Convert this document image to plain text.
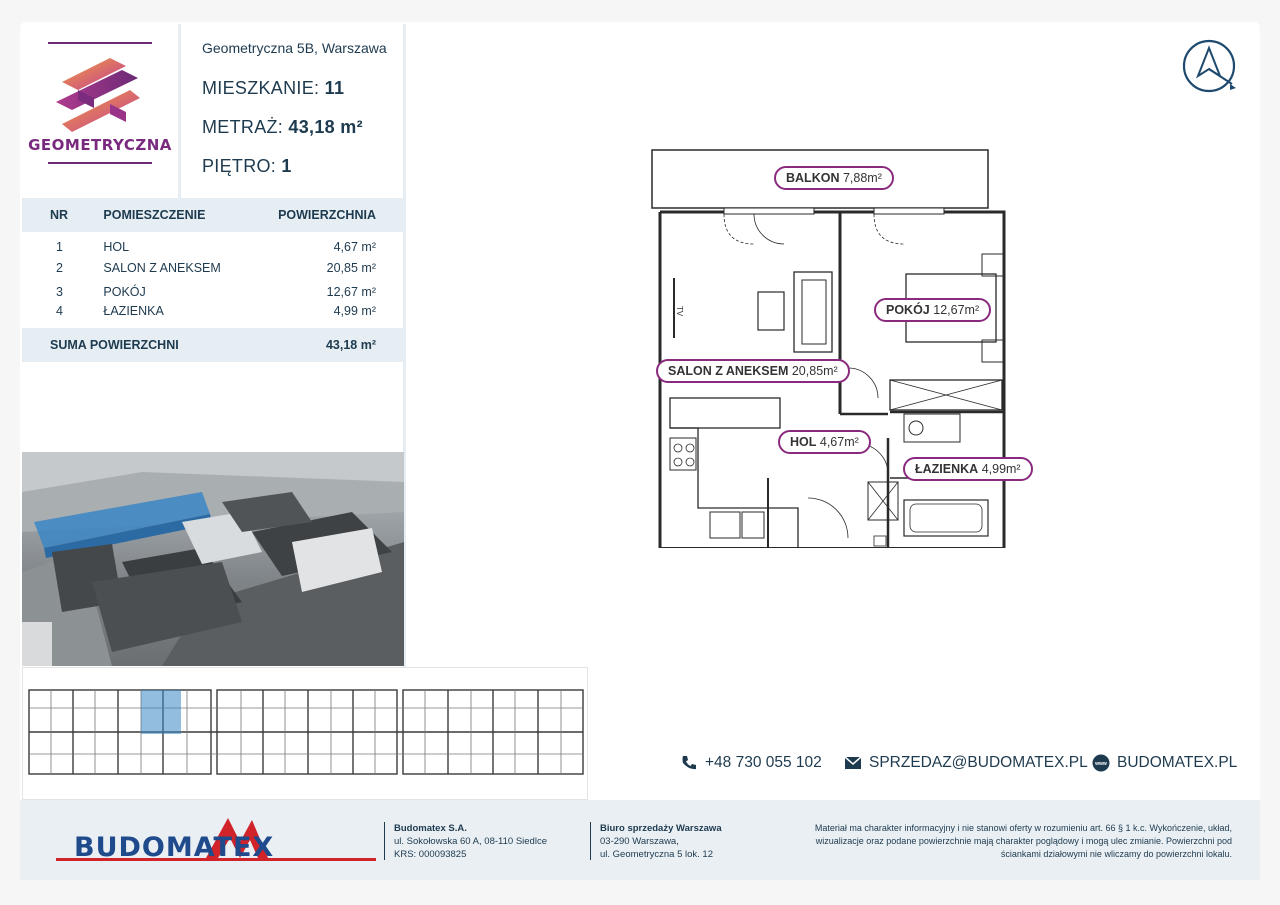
GEOMETRYCZNA
Geometryczna 5B, Warszawa
MIESZKANIE: 11
METRAŻ: 43,18 m²
PIĘTRO: 1
NR	POMIESZCZENIE	POWIERZCHNIA
1	HOL	4,67 m²
2	SALON Z ANEKSEM	20,85 m²
3	POKÓJ	12,67 m²
4	ŁAZIENKA	4,99 m²
SUMA POWIERZCHNI		43,18 m²
TV
BALKON 7,88m²
POKÓJ 12,67m²
SALON Z ANEKSEM 20,85m²
HOL 4,67m²
ŁAZIENKA 4,99m²
+48 730 055 102	SPRZEDAZ@BUDOMATEX.PL www BUDOMATEX.PL
BUDOMATEX
Budomatex S.A.
ul. Sokołowska 60 A, 08-110 Siedlce
KRS: 000093825
Biuro sprzedaży Warszawa
03-290 Warszawa,
ul. Geometryczna 5 lok. 12
Materiał ma charakter informacyjny i nie stanowi oferty w rozumieniu art. 66 § 1 k.c. Wykończenie, układ,
wizualizacje oraz podane powierzchnie mają charakter poglądowy i mogą ulec zmianie. Powierzchni pod
ściankami działowymi nie wliczamy do powierzchni lokalu.
